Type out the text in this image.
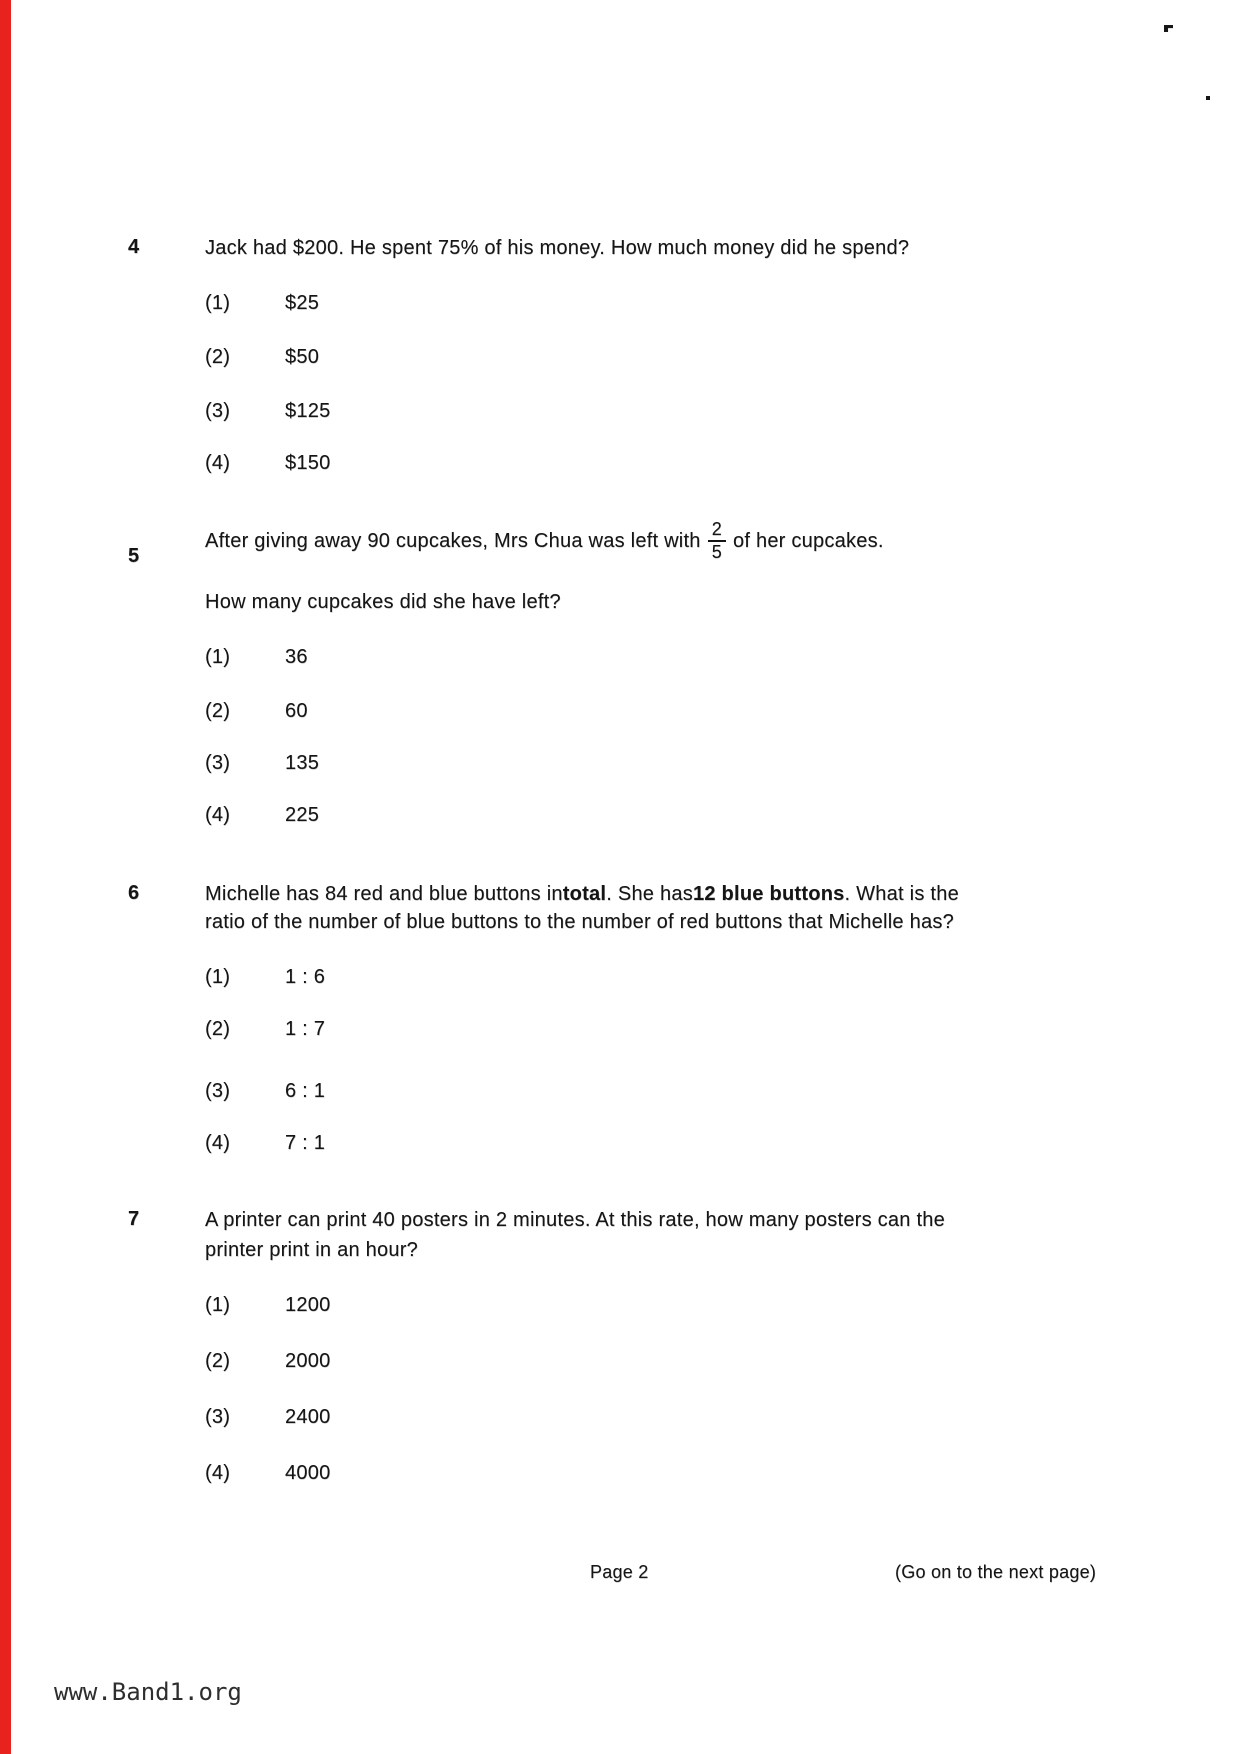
4	Jack had $200. He spent 75% of his money. How much money did he spend?
(1)	$25
(2)	$50
(3)	$125
(4)	$150
5
After giving away 90 cupcakes, Mrs Chua was left with $\frac{2}{5}$ of her cupcakes.
How many cupcakes did she have left?
(1)	36
(2)	60
(3)	135
(4)	225
6	Michelle has 84 red and blue buttons in total . She has 12 blue buttons . What is the
ratio of the number of blue buttons to the number of red buttons that Michelle has?
(1)	1 : 6
(2)	1 : 7
(3)	6 : 1
(4)	7 : 1
7	A printer can print 40 posters in 2 minutes. At this rate, how many posters can the
printer print in an hour?
(1)	1200
(2)	2000
(3)	2400
(4)	4000
Page 2	(Go on to the next page)
www.Band1.org
